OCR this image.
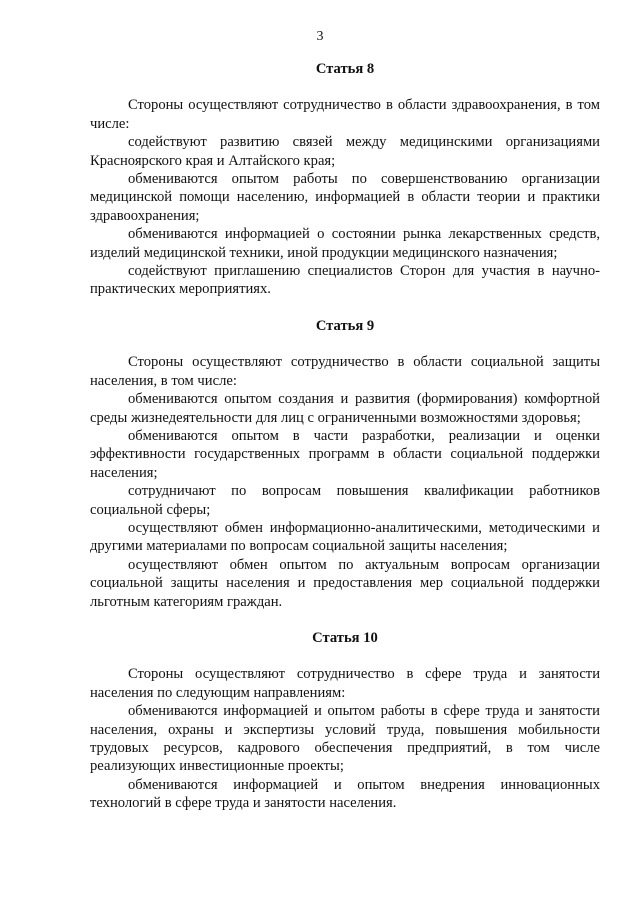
3

Статья 8

Стороны осуществляют сотрудничество в области здравоохранения, в том числе:

содействуют развитию связей между медицинскими организациями Красноярского края и Алтайского края;

обмениваются опытом работы по совершенствованию организации медицинской помощи населению, информацией в области теории и практики здравоохранения;

обмениваются информацией о состоянии рынка лекарственных средств, изделий медицинской техники, иной продукции медицинского назначения;

содействуют приглашению специалистов Сторон для участия в научно-практических мероприятиях.

Статья 9

Стороны осуществляют сотрудничество в области социальной защиты населения, в том числе:

обмениваются опытом создания и развития (формирования) комфортной среды жизнедеятельности для лиц с ограниченными возможностями здоровья;

обмениваются опытом в части разработки, реализации и оценки эффективности государственных программ в области социальной поддержки населения;

сотрудничают по вопросам повышения квалификации работников социальной сферы;

осуществляют обмен информационно-аналитическими, методическими и другими материалами по вопросам социальной защиты населения;

осуществляют обмен опытом по актуальным вопросам организации социальной защиты населения и предоставления мер социальной поддержки льготным категориям граждан.

Статья 10

Стороны осуществляют сотрудничество в сфере труда и занятости населения по следующим направлениям:

обмениваются информацией и опытом работы в сфере труда и занятости населения, охраны и экспертизы условий труда, повышения мобильности трудовых ресурсов, кадрового обеспечения предприятий, в том числе реализующих инвестиционные проекты;

обмениваются информацией и опытом внедрения инновационных технологий в сфере труда и занятости населения.
